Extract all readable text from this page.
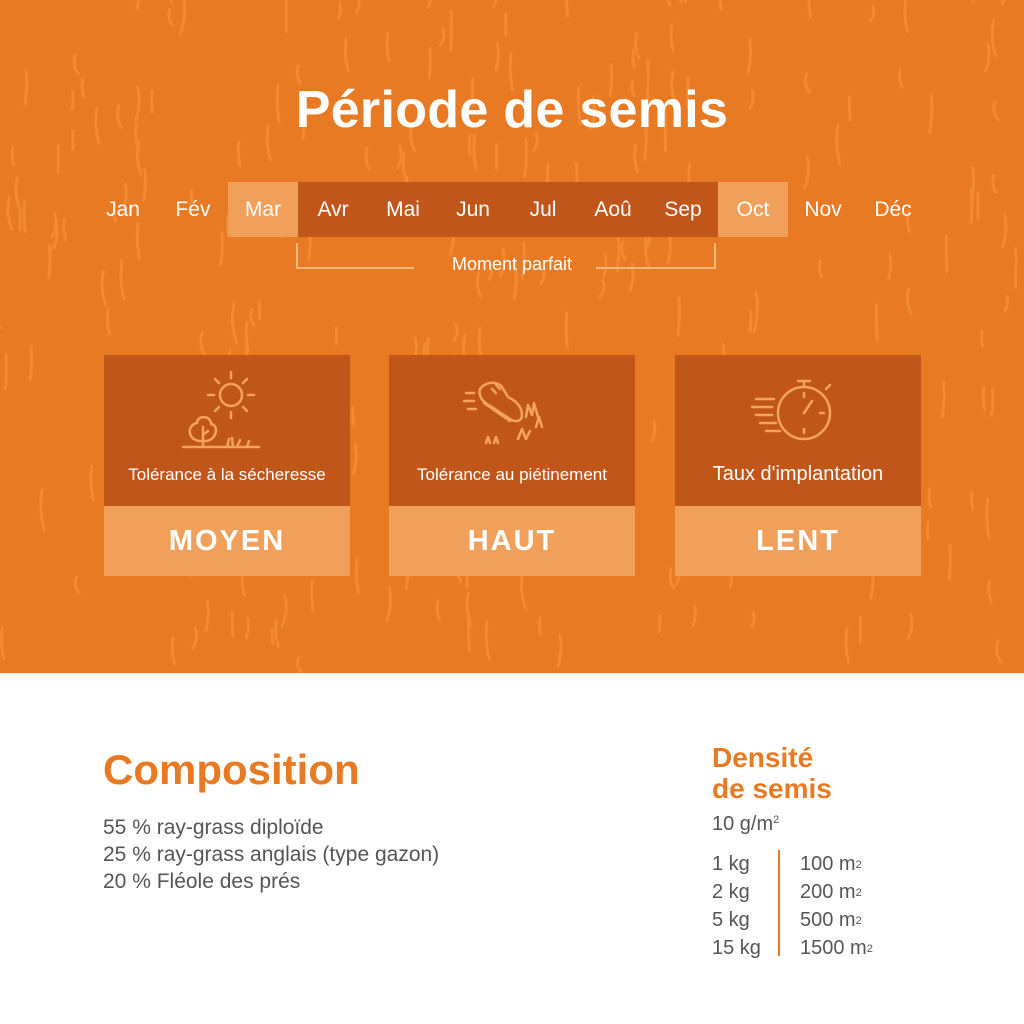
Période de semis
Jan	Fév	Mar	Avr	Mai	Jun	Jul	Aoû	Sep	Oct	Nov	Déc
Moment parfait
Tolérance à la sécheresse
MOYEN
Tolérance au piétinement
HAUT
Taux d'implantation
LENT
Composition
55 % ray-grass diploïde
25 % ray-grass anglais (type gazon)
20 % Fléole des prés
Densité
de semis
10 $g/m^2$
1 kg	100 $m^2$
2 kg	200 $m^2$
5 kg	500 $m^2$
15 kg	1500 $m^2$
